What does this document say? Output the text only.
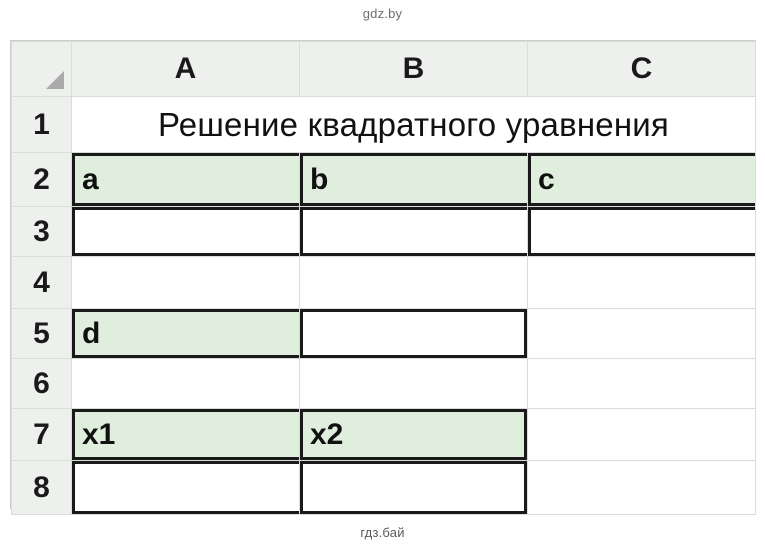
gdz.by
	A	B	C
1	Решение квадратного уравнения		

2	a	b	c

3	

4			
5	d		

6			
7	x1	x2	

8	

гдз.бай
